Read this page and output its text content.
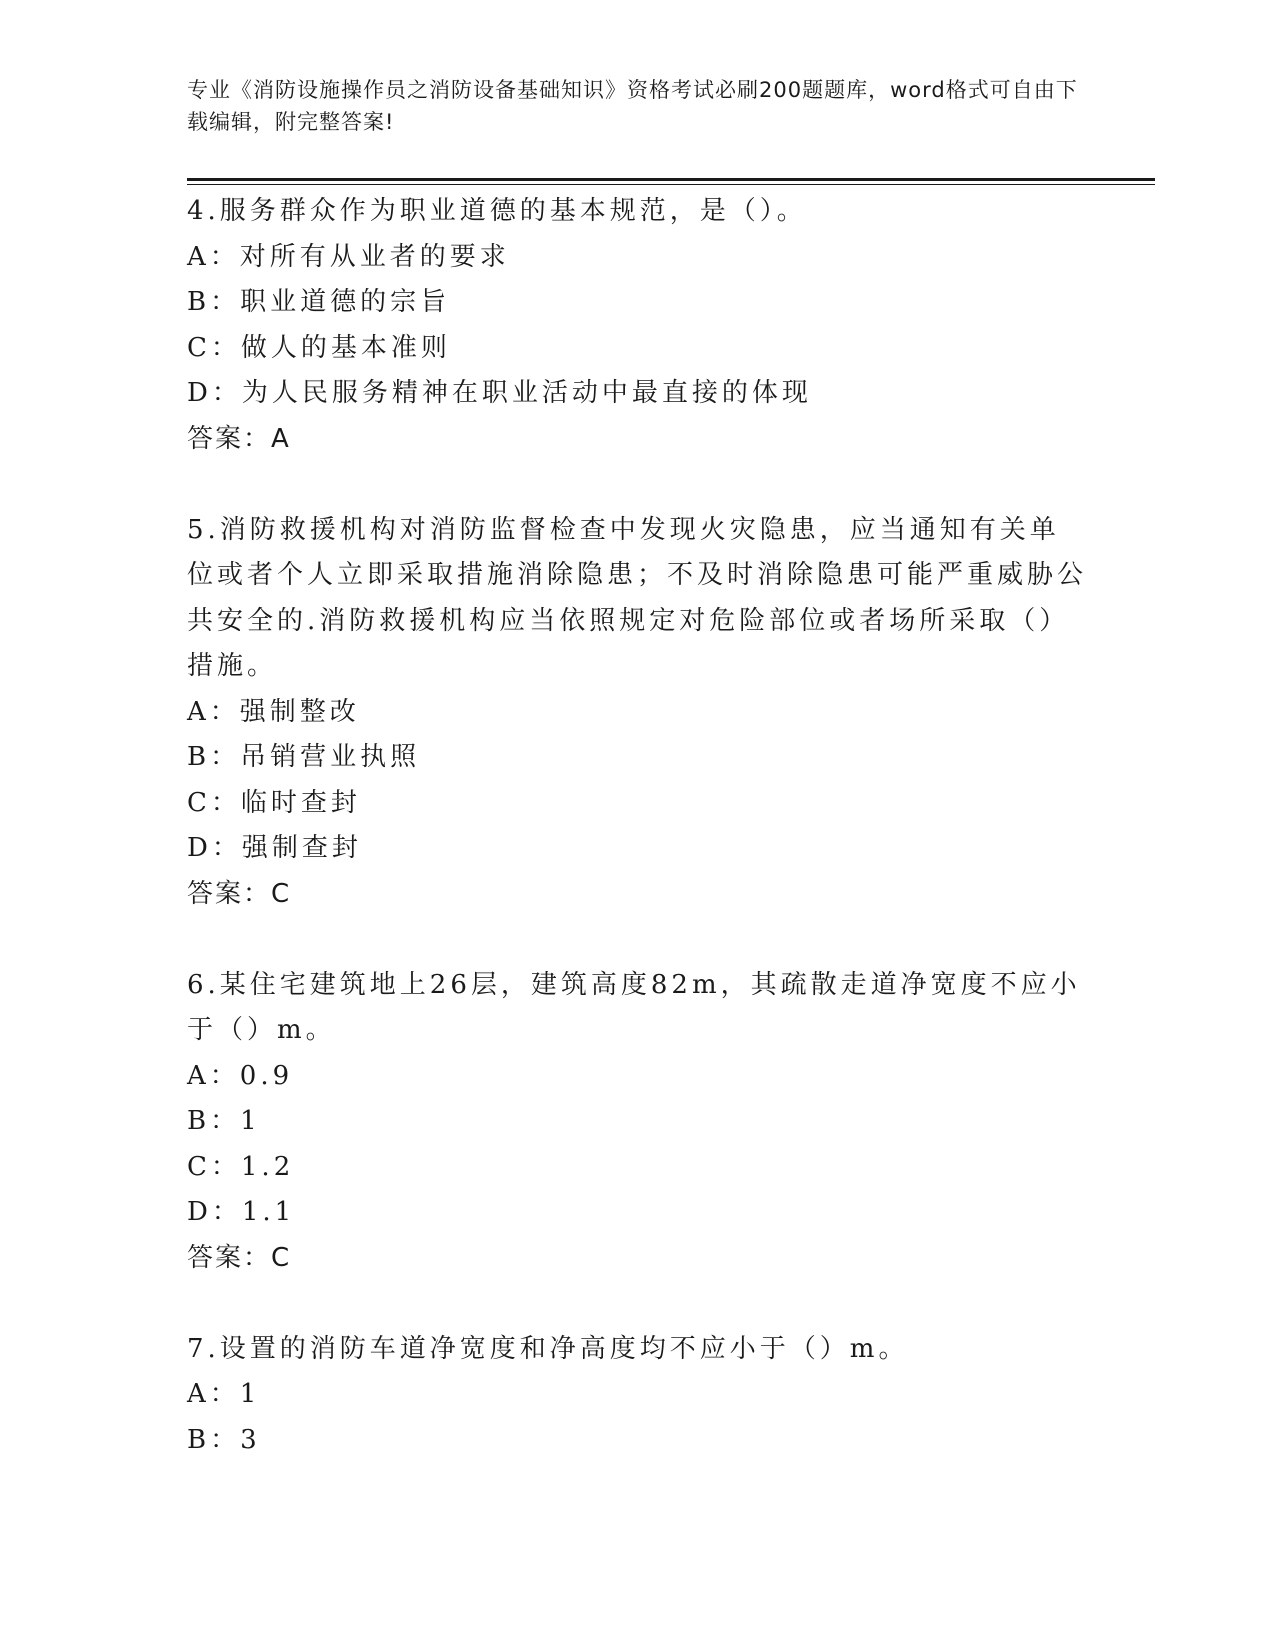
专业《消防设施操作员之消防设备基础知识》资格考试必刷200题题库，word格式可自由下载编辑，附完整答案!
4.服务群众作为职业道德的基本规范，是（）。
A：对所有从业者的要求
B：职业道德的宗旨
C：做人的基本准则
D：为人民服务精神在职业活动中最直接的体现
答案：A
5.消防救援机构对消防监督检查中发现火灾隐患，应当通知有关单位或者个人立即采取措施消除隐患；不及时消除隐患可能严重威胁公共安全的.消防救援机构应当依照规定对危险部位或者场所采取（）措施。
A：强制整改
B：吊销营业执照
C：临时查封
D：强制查封
答案：C
6.某住宅建筑地上26层，建筑高度82m，其疏散走道净宽度不应小于（）m。
A：0.9
B：1
C：1.2
D：1.1
答案：C
7.设置的消防车道净宽度和净高度均不应小于（）m。
A：1
B：3
